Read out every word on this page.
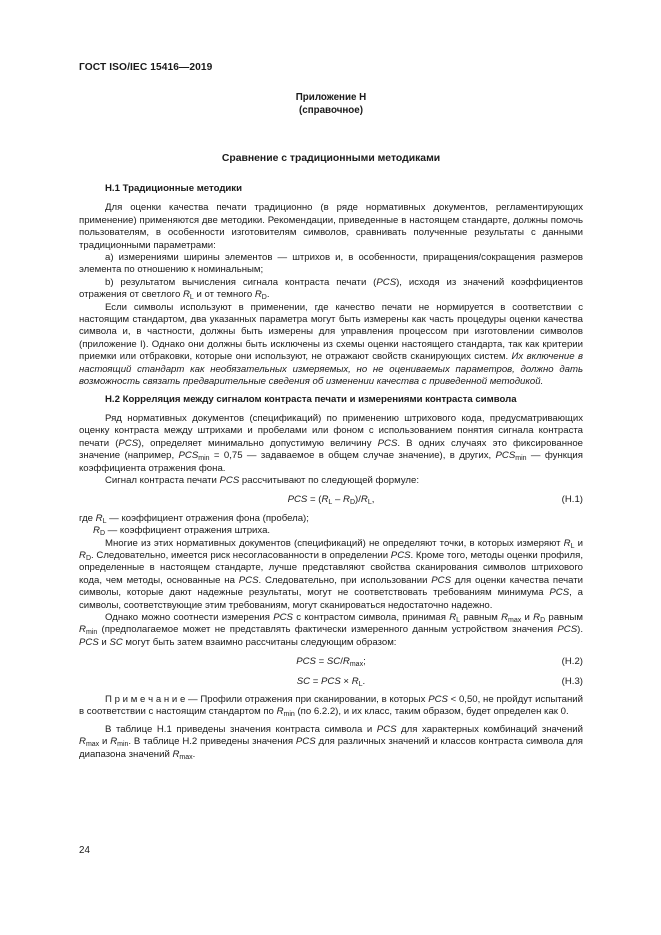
ГОСТ ISO/IEC 15416—2019
Приложение Н
(справочное)
Сравнение с традиционными методиками

Н.1 Традиционные методики

Для оценки качества печати традиционно (в ряде нормативных документов, регламентирующих применение) применяются две методики. Рекомендации, приведенные в настоящем стандарте, должны помочь пользователям, в особенности изготовителям символов, сравнивать полученные результаты с данными традиционными параметрами:

а) измерениями ширины элементов — штрихов и, в особенности, приращения/сокращения размеров элемента по отношению к номинальным;

b) результатом вычисления сигнала контраста печати (PCS), исходя из значений коэффициентов отражения от светлого $R_L$ и от темного $R_D$.

Если символы используют в применении, где качество печати не нормируется в соответствии с настоящим стандартом, два указанных параметра могут быть измерены как часть процедуры оценки качества символа и, в частности, должны быть измерены для управления процессом при изготовлении символов (приложение I). Однако они должны быть исключены из схемы оценки настоящего стандарта, так как критерии приемки или отбраковки, которые они используют, не отражают свойств сканирующих систем. Их включение в настоящий стандарт как необязательных измеряемых, но не оцениваемых параметров, должно дать возможность связать предварительные сведения об изменении качества с приведенной методикой.

Н.2 Корреляция между сигналом контраста печати и измерениями контраста символа

Ряд нормативных документов (спецификаций) по применению штрихового кода, предусматривающих оценку контраста между штрихами и пробелами или фоном с использованием понятия сигнала контраста печати (PCS), определяет минимально допустимую величину PCS. В одних случаях это фиксированное значение (например, $PCS_{min} = 0,75$ — задаваемое в общем случае значение), в других, $PCS_{min}$ — функция коэффициента отражения фона.

Сигнал контраста печати PCS рассчитывают по следующей формуле:

PCS = $(R_L - R_D)/R_L$,	(Н.1)

где $R_L$ — коэффициент отражения фона (пробела);

$R_D$ — коэффициент отражения штриха.

Многие из этих нормативных документов (спецификаций) не определяют точки, в которых измеряют $R_L$ и $R_D$. Следовательно, имеется риск несогласованности в определении PCS. Кроме того, методы оценки профиля, определенные в настоящем стандарте, лучше представляют свойства сканирования символов штрихового кода, чем методы, основанные на PCS. Следовательно, при использовании PCS для оценки качества печати символы, которые дают надежные результаты, могут не соответствовать требованиям минимума PCS, а символы, соответствующие этим требованиям, могут сканироваться недостаточно надежно.

Однако можно соотнести измерения PCS с контрастом символа, принимая $R_L$ равным $R_{max}$ и $R_D$ равным $R_{min}$ (предполагаемое может не представлять фактически измеренного данным устройством значения PCS). PCS и SC могут быть затем взаимно рассчитаны следующим образом:

PCS = $SC/R_{max}$;	(Н.2)
SC = PCS × $R_L$.	(Н.3)

П р и м е ч а н и е — Профили отражения при сканировании, в которых PCS < 0,50, не пройдут испытаний в соответствии с настоящим стандартом по $R_{min}$ (по 6.2.2), и их класс, таким образом, будет определен как 0.

В таблице Н.1 приведены значения контраста символа и PCS для характерных комбинаций значений $R_{max}$ и $R_{min}$. В таблице Н.2 приведены значения PCS для различных значений и классов контраста символа для диапазона значений $R_{max}$.

24
